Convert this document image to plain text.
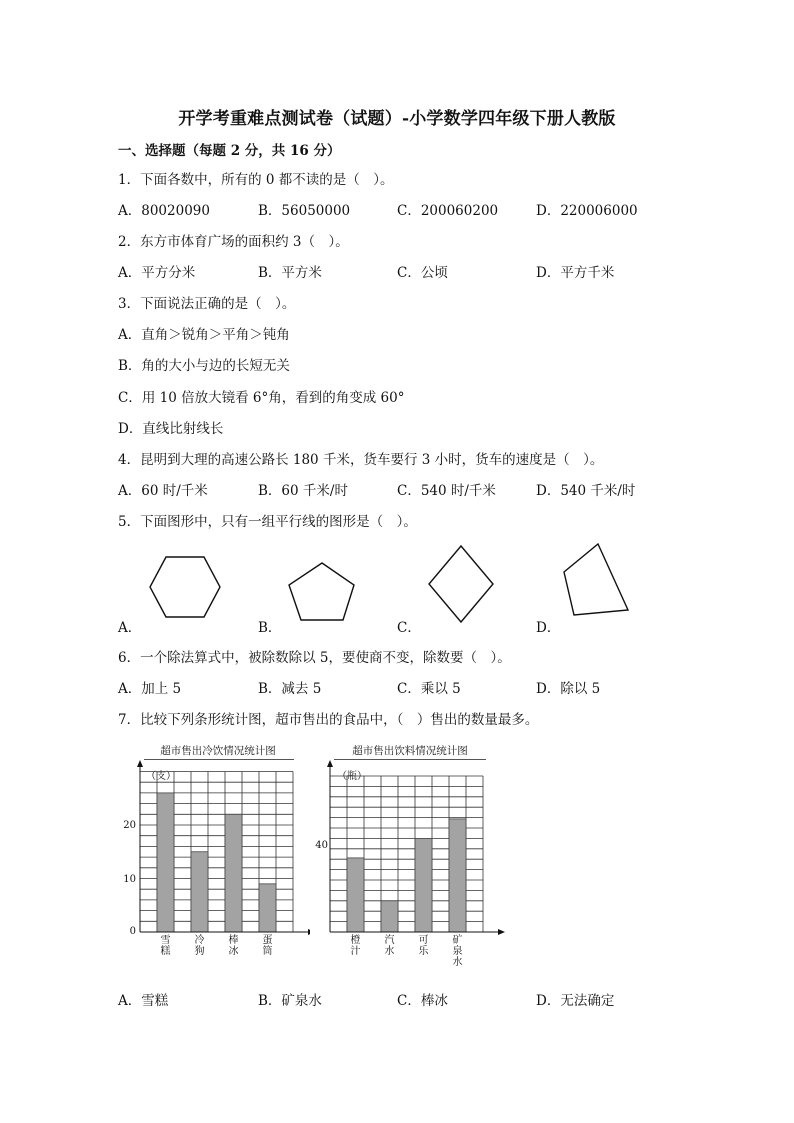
开学考重难点测试卷（试题）-小学数学四年级下册人教版
一、选择题（每题 2 分，共 16 分）
1．下面各数中，所有的 0 都不读的是（　）。
A．80020090	B．56050000	C．200060200	D．220006000
2．东方市体育广场的面积约 3（　）。
A．平方分米	B．平方米	C．公顷	D．平方千米
3．下面说法正确的是（　）。
A．直角＞锐角＞平角＞钝角
B．角的大小与边的长短无关
C．用 10 倍放大镜看 6°角，看到的角变成 60°
D．直线比射线长
4．昆明到大理的高速公路长 180 千米，货车要行 3 小时，货车的速度是（　）。
A．60 时/千米	B．60 千米/时	C．540 时/千米	D．540 千米/时
5．下面图形中，只有一组平行线的图形是（　）。
A．	B．	C．	D．
6．一个除法算式中，被除数除以 5，要使商不变，除数要（　）。
A．加上 5	B．减去 5	C．乘以 5	D．除以 5
7．比较下列条形统计图，超市售出的食品中，（　）售出的数量最多。
超市售出冷饮情况统计图
（支）
20
10
0
超市售出饮料情况统计图
（瓶）
40
雪
糕
冷
狗
棒
冰
蛋
筒
橙
汁
汽
水
可
乐
矿
泉
水
A．雪糕	B．矿泉水	C．棒冰	D．无法确定
